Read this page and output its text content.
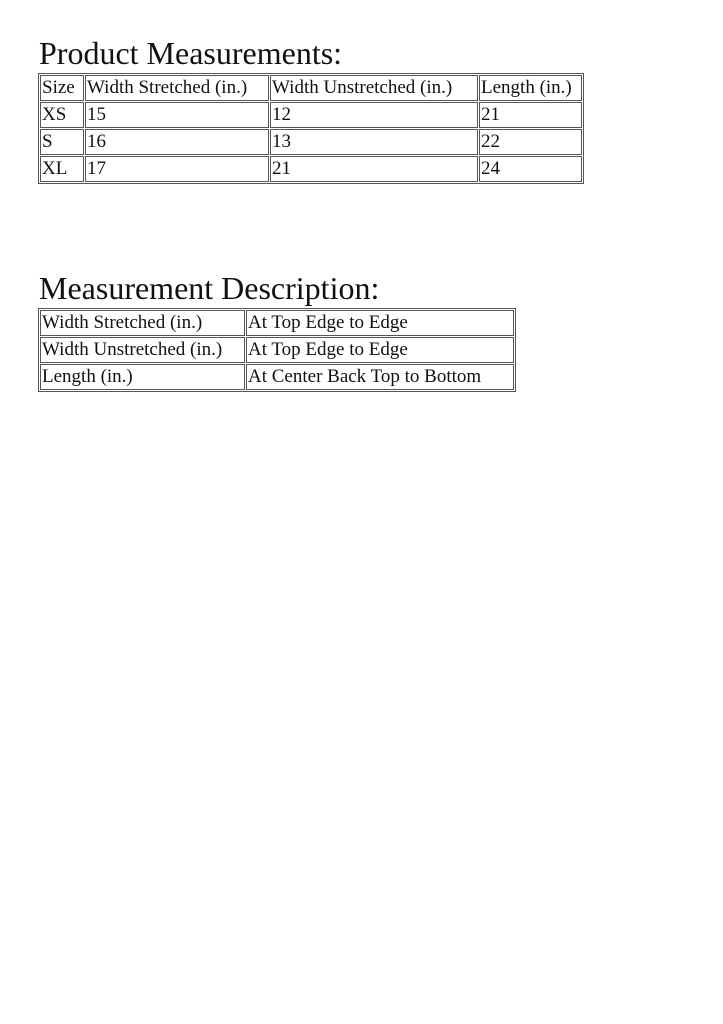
Product Measurements:
Size	Width Stretched (in.)	Width Unstretched (in.)	Length (in.)
XS	15	12	21
S	16	13	22
XL	17	21	24
Measurement Description:
Width Stretched (in.)	At Top Edge to Edge
Width Unstretched (in.)	At Top Edge to Edge
Length (in.)	At Center Back Top to Bottom
